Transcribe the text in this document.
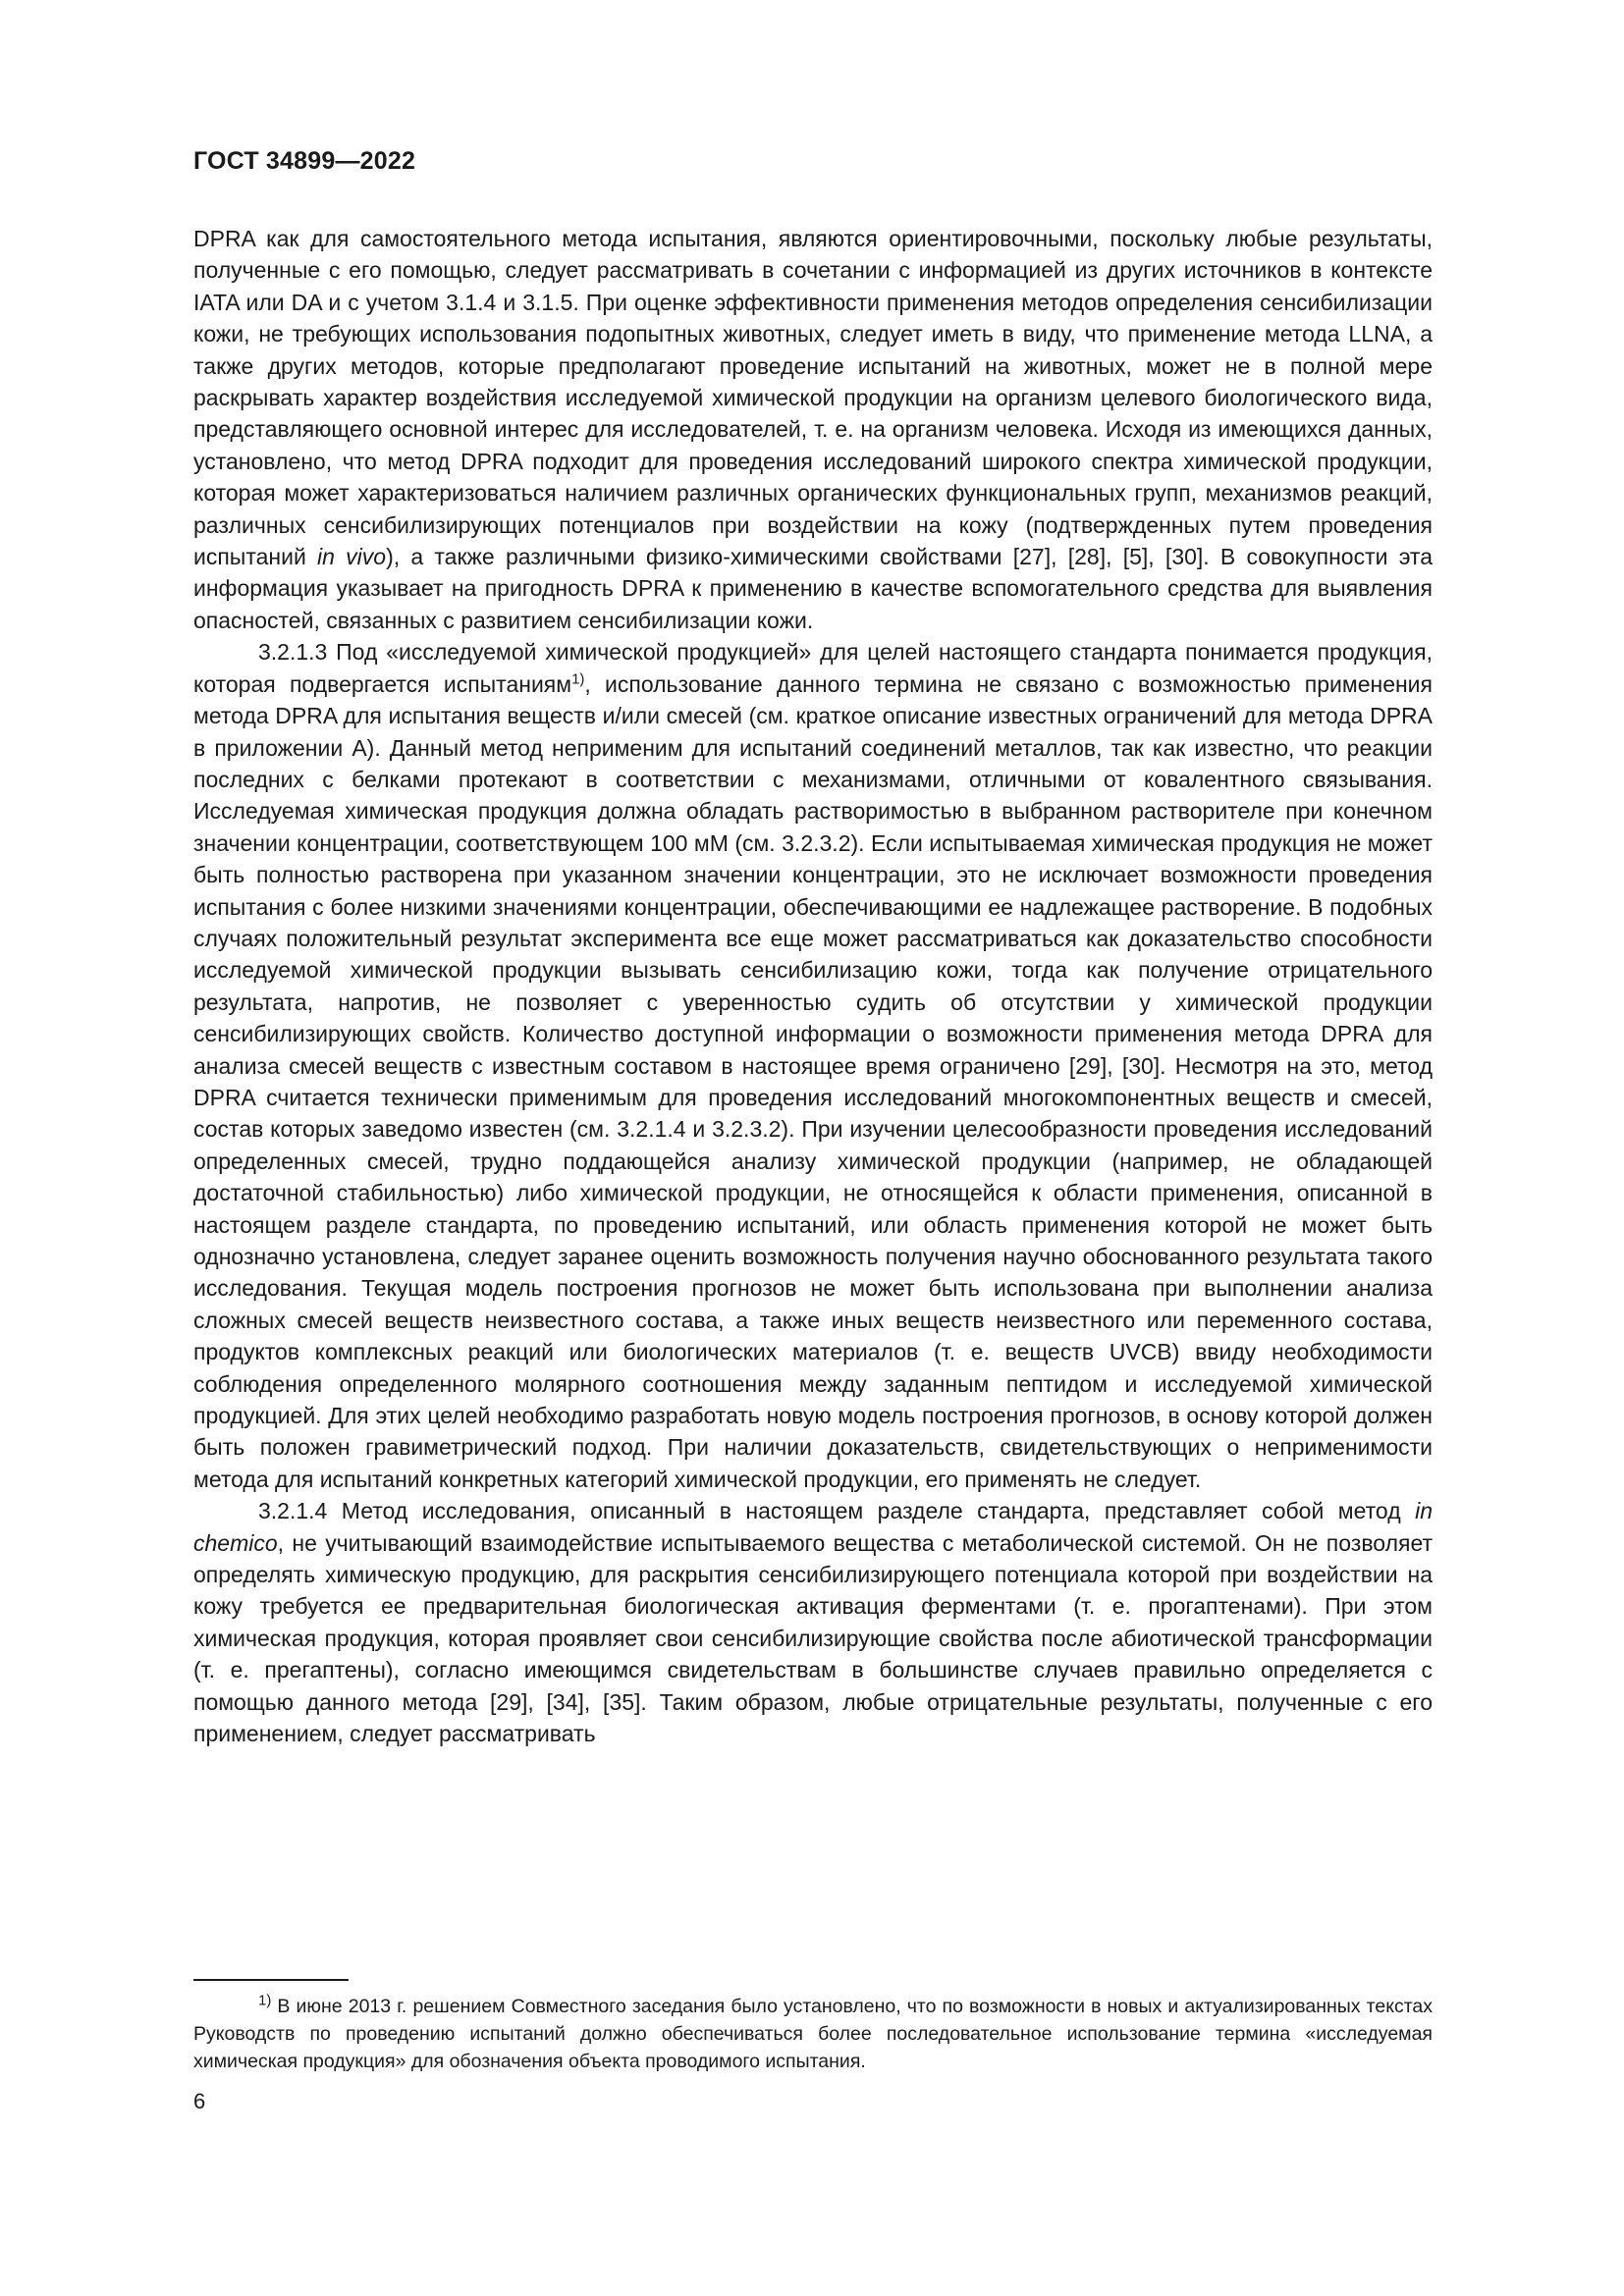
ГОСТ 34899—2022

DPRA как для самостоятельного метода испытания, являются ориентировочными, поскольку любые результаты, полученные с его помощью, следует рассматривать в сочетании с информацией из других источников в контексте IATA или DA и с учетом 3.1.4 и 3.1.5. При оценке эффективности применения методов определения сенсибилизации кожи, не требующих использования подопытных животных, следует иметь в виду, что применение метода LLNA, а также других методов, которые предполагают проведение испытаний на животных, может не в полной мере раскрывать характер воздействия исследуемой химической продукции на организм целевого биологического вида, представляющего основной интерес для исследователей, т. е. на организм человека. Исходя из имеющихся данных, установлено, что метод DPRA подходит для проведения исследований широкого спектра химической продукции, которая может характеризоваться наличием различных органических функциональных групп, механизмов реакций, различных сенсибилизирующих потенциалов при воздействии на кожу (подтвержденных путем проведения испытаний in vivo), а также различными физико-химическими свойствами [27], [28], [5], [30]. В совокупности эта информация указывает на пригодность DPRA к применению в качестве вспомогательного средства для выявления опасностей, связанных с развитием сенсибилизации кожи.

3.2.1.3 Под «исследуемой химической продукцией» для целей настоящего стандарта понимается продукция, которая подвергается испытаниям$^{1)}$, использование данного термина не связано с возможностью применения метода DPRA для испытания веществ и/или смесей (см. краткое описание известных ограничений для метода DPRA в приложении А). Данный метод неприменим для испытаний соединений металлов, так как известно, что реакции последних с белками протекают в соответствии с механизмами, отличными от ковалентного связывания. Исследуемая химическая продукция должна обладать растворимостью в выбранном растворителе при конечном значении концентрации, соответствующем 100 мМ (см. 3.2.3.2). Если испытываемая химическая продукция не может быть полностью растворена при указанном значении концентрации, это не исключает возможности проведения испытания с более низкими значениями концентрации, обеспечивающими ее надлежащее растворение. В подобных случаях положительный результат эксперимента все еще может рассматриваться как доказательство способности исследуемой химической продукции вызывать сенсибилизацию кожи, тогда как получение отрицательного результата, напротив, не позволяет с уверенностью судить об отсутствии у химической продукции сенсибилизирующих свойств. Количество доступной информации о возможности применения метода DPRA для анализа смесей веществ с известным составом в настоящее время ограничено [29], [30]. Несмотря на это, метод DPRA считается технически применимым для проведения исследований многокомпонентных веществ и смесей, состав которых заведомо известен (см. 3.2.1.4 и 3.2.3.2). При изучении целесообразности проведения исследований определенных смесей, трудно поддающейся анализу химической продукции (например, не обладающей достаточной стабильностью) либо химической продукции, не относящейся к области применения, описанной в настоящем разделе стандарта, по проведению испытаний, или область применения которой не может быть однозначно установлена, следует заранее оценить возможность получения научно обоснованного результата такого исследования. Текущая модель построения прогнозов не может быть использована при выполнении анализа сложных смесей веществ неизвестного состава, а также иных веществ неизвестного или переменного состава, продуктов комплексных реакций или биологических материалов (т. е. веществ UVCB) ввиду необходимости соблюдения определенного молярного соотношения между заданным пептидом и исследуемой химической продукцией. Для этих целей необходимо разработать новую модель построения прогнозов, в основу которой должен быть положен гравиметрический подход. При наличии доказательств, свидетельствующих о неприменимости метода для испытаний конкретных категорий химической продукции, его применять не следует.

3.2.1.4 Метод исследования, описанный в настоящем разделе стандарта, представляет собой метод in chemico, не учитывающий взаимодействие испытываемого вещества с метаболической системой. Он не позволяет определять химическую продукцию, для раскрытия сенсибилизирующего потенциала которой при воздействии на кожу требуется ее предварительная биологическая активация ферментами (т. е. прогаптенами). При этом химическая продукция, которая проявляет свои сенсибилизирующие свойства после абиотической трансформации (т. е. прегаптены), согласно имеющимся свидетельствам в большинстве случаев правильно определяется с помощью данного метода [29], [34], [35]. Таким образом, любые отрицательные результаты, полученные с его применением, следует рассматривать

$^{1)}$ В июне 2013 г. решением Совместного заседания было установлено, что по возможности в новых и актуализированных текстах Руководств по проведению испытаний должно обеспечиваться более последовательное использование термина «исследуемая химическая продукция» для обозначения объекта проводимого испытания.
6
